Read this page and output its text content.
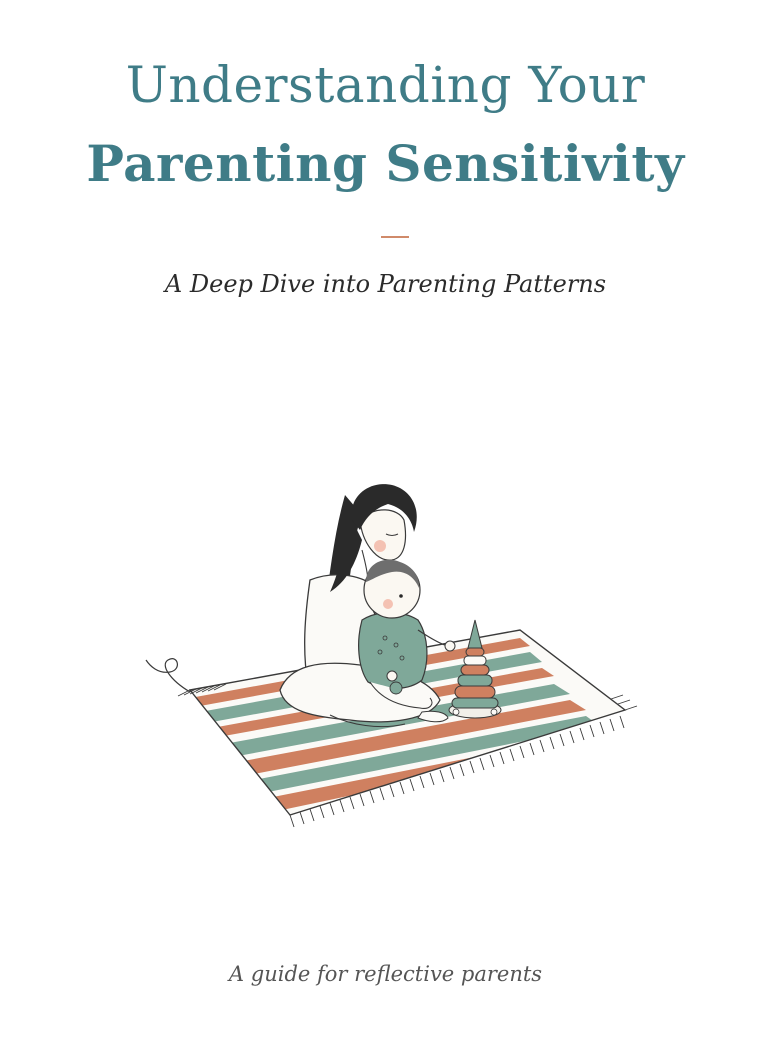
Understanding Your
Parenting Sensitivity
A Deep Dive into Parenting Patterns
A guide for reflective parents
